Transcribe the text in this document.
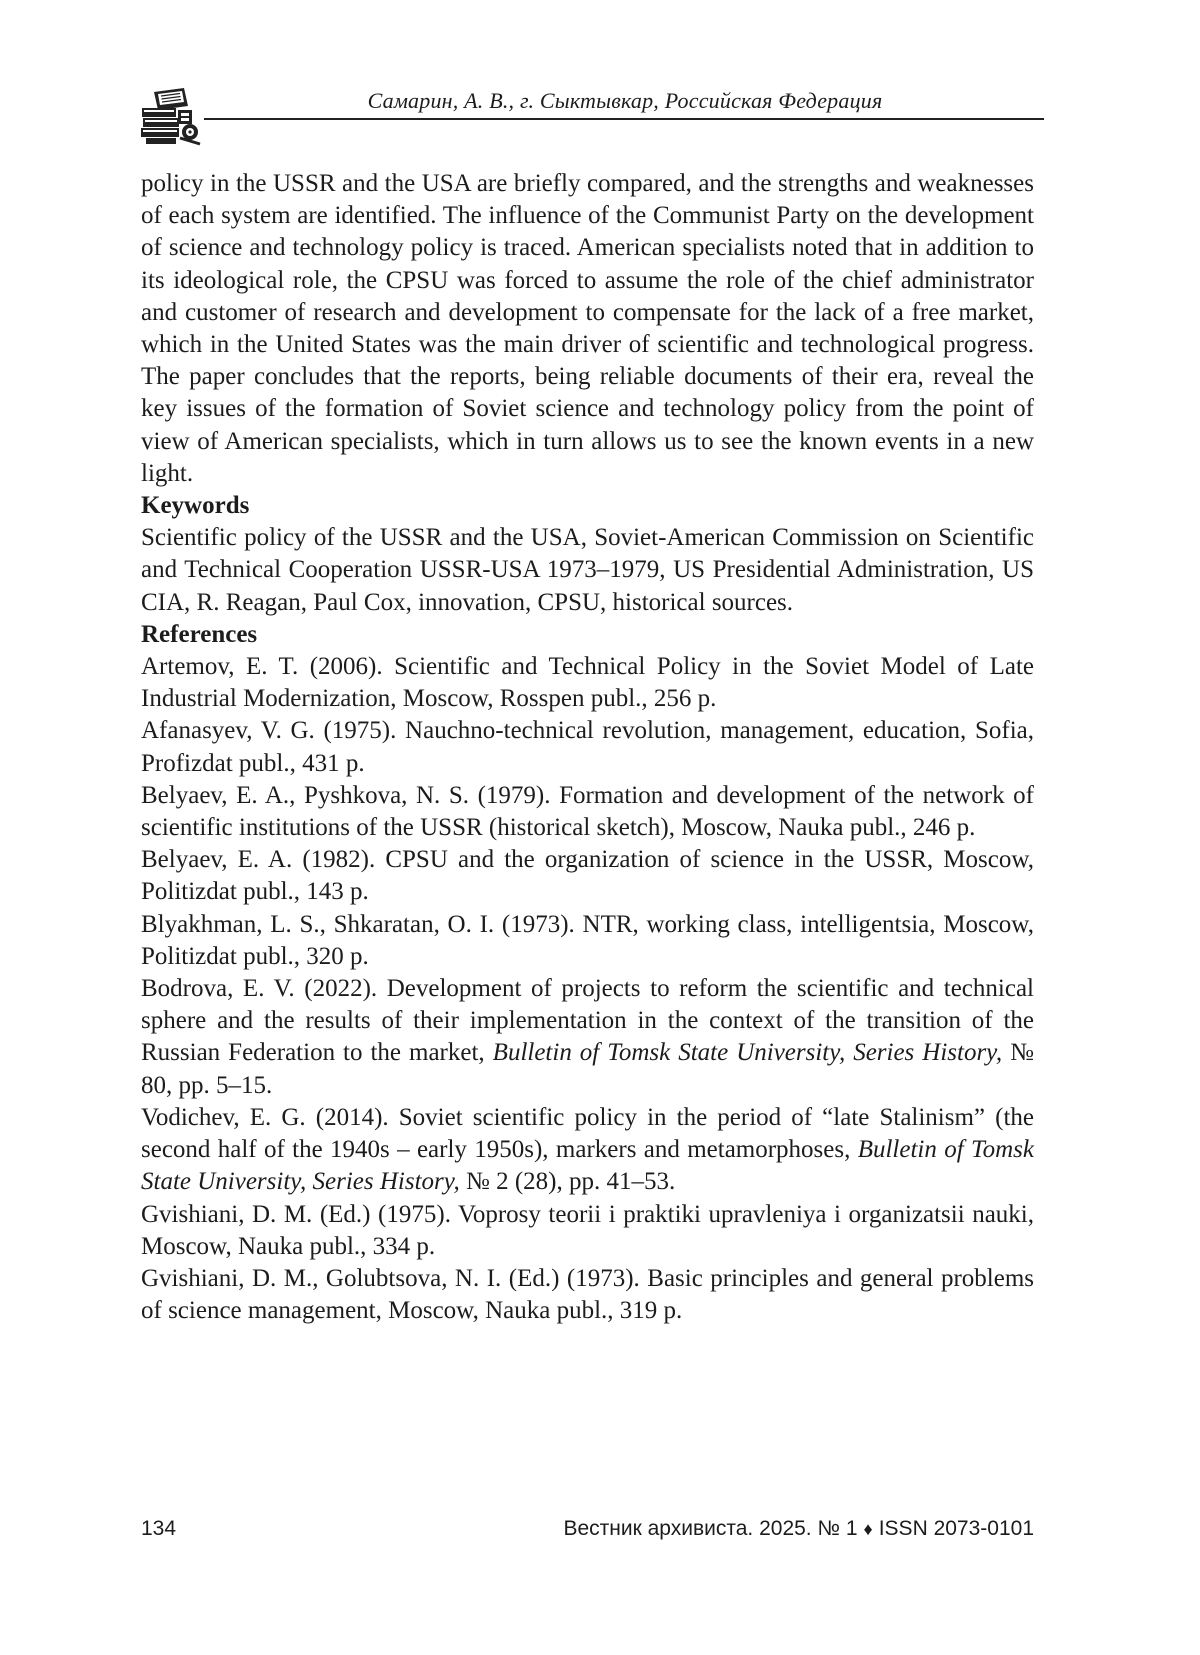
Самарин, А. В., г. Сыктывкар, Российская Федерация

policy in the USSR and the USA are briefly compared, and the strengths and weaknesses of each system are identified. The influence of the Communist Party on the development of science and technology policy is traced. American specialists noted that in addition to its ideological role, the CPSU was forced to assume the role of the chief administrator and customer of research and development to compensate for the lack of a free market, which in the United States was the main driver of scientific and technological progress. The paper concludes that the reports, being reliable documents of their era, reveal the key issues of the formation of Soviet science and technology policy from the point of view of American specialists, which in turn allows us to see the known events in a new light.

Keywords

Scientific policy of the USSR and the USA, Soviet-American Commission on Scientific and Technical Cooperation USSR-USA 1973–1979, US Presidential Administration, US CIA, R. Reagan, Paul Cox, innovation, CPSU, historical sources.

References

Artemov, E. T. (2006). Scientific and Technical Policy in the Soviet Model of Late Industrial Modernization, Moscow, Rosspen publ., 256 p.

Afanasyev, V. G. (1975). Nauchno-technical revolution, management, education, Sofia, Profizdat publ., 431 p.

Belyaev, E. A., Pyshkova, N. S. (1979). Formation and development of the network of scientific institutions of the USSR (historical sketch), Moscow, Nauka publ., 246 p.

Belyaev, E. A. (1982). CPSU and the organization of science in the USSR, Moscow, Politizdat publ., 143 p.

Blyakhman, L. S., Shkaratan, O. I. (1973). NTR, working class, intelligentsia, Moscow, Politizdat publ., 320 p.

Bodrova, E. V. (2022). Development of projects to reform the scientific and technical sphere and the results of their implementation in the context of the transition of the Russian Federation to the market, Bulletin of Tomsk State University, Series History, № 80, pp. 5–15.

Vodichev, E. G. (2014). Soviet scientific policy in the period of “late Stalinism” (the second half of the 1940s – early 1950s), markers and metamorphoses, Bulletin of Tomsk State University, Series History, № 2 (28), pp. 41–53.

Gvishiani, D. M. (Ed.) (1975). Voprosy teorii i praktiki upravleniya i organizatsii nauki, Moscow, Nauka publ., 334 p.

Gvishiani, D. M., Golubtsova, N. I. (Ed.) (1973). Basic principles and general problems of science management, Moscow, Nauka publ., 319 p.

134	Вестник архивиста. 2025. № 1 ♦ ISSN 2073-0101
